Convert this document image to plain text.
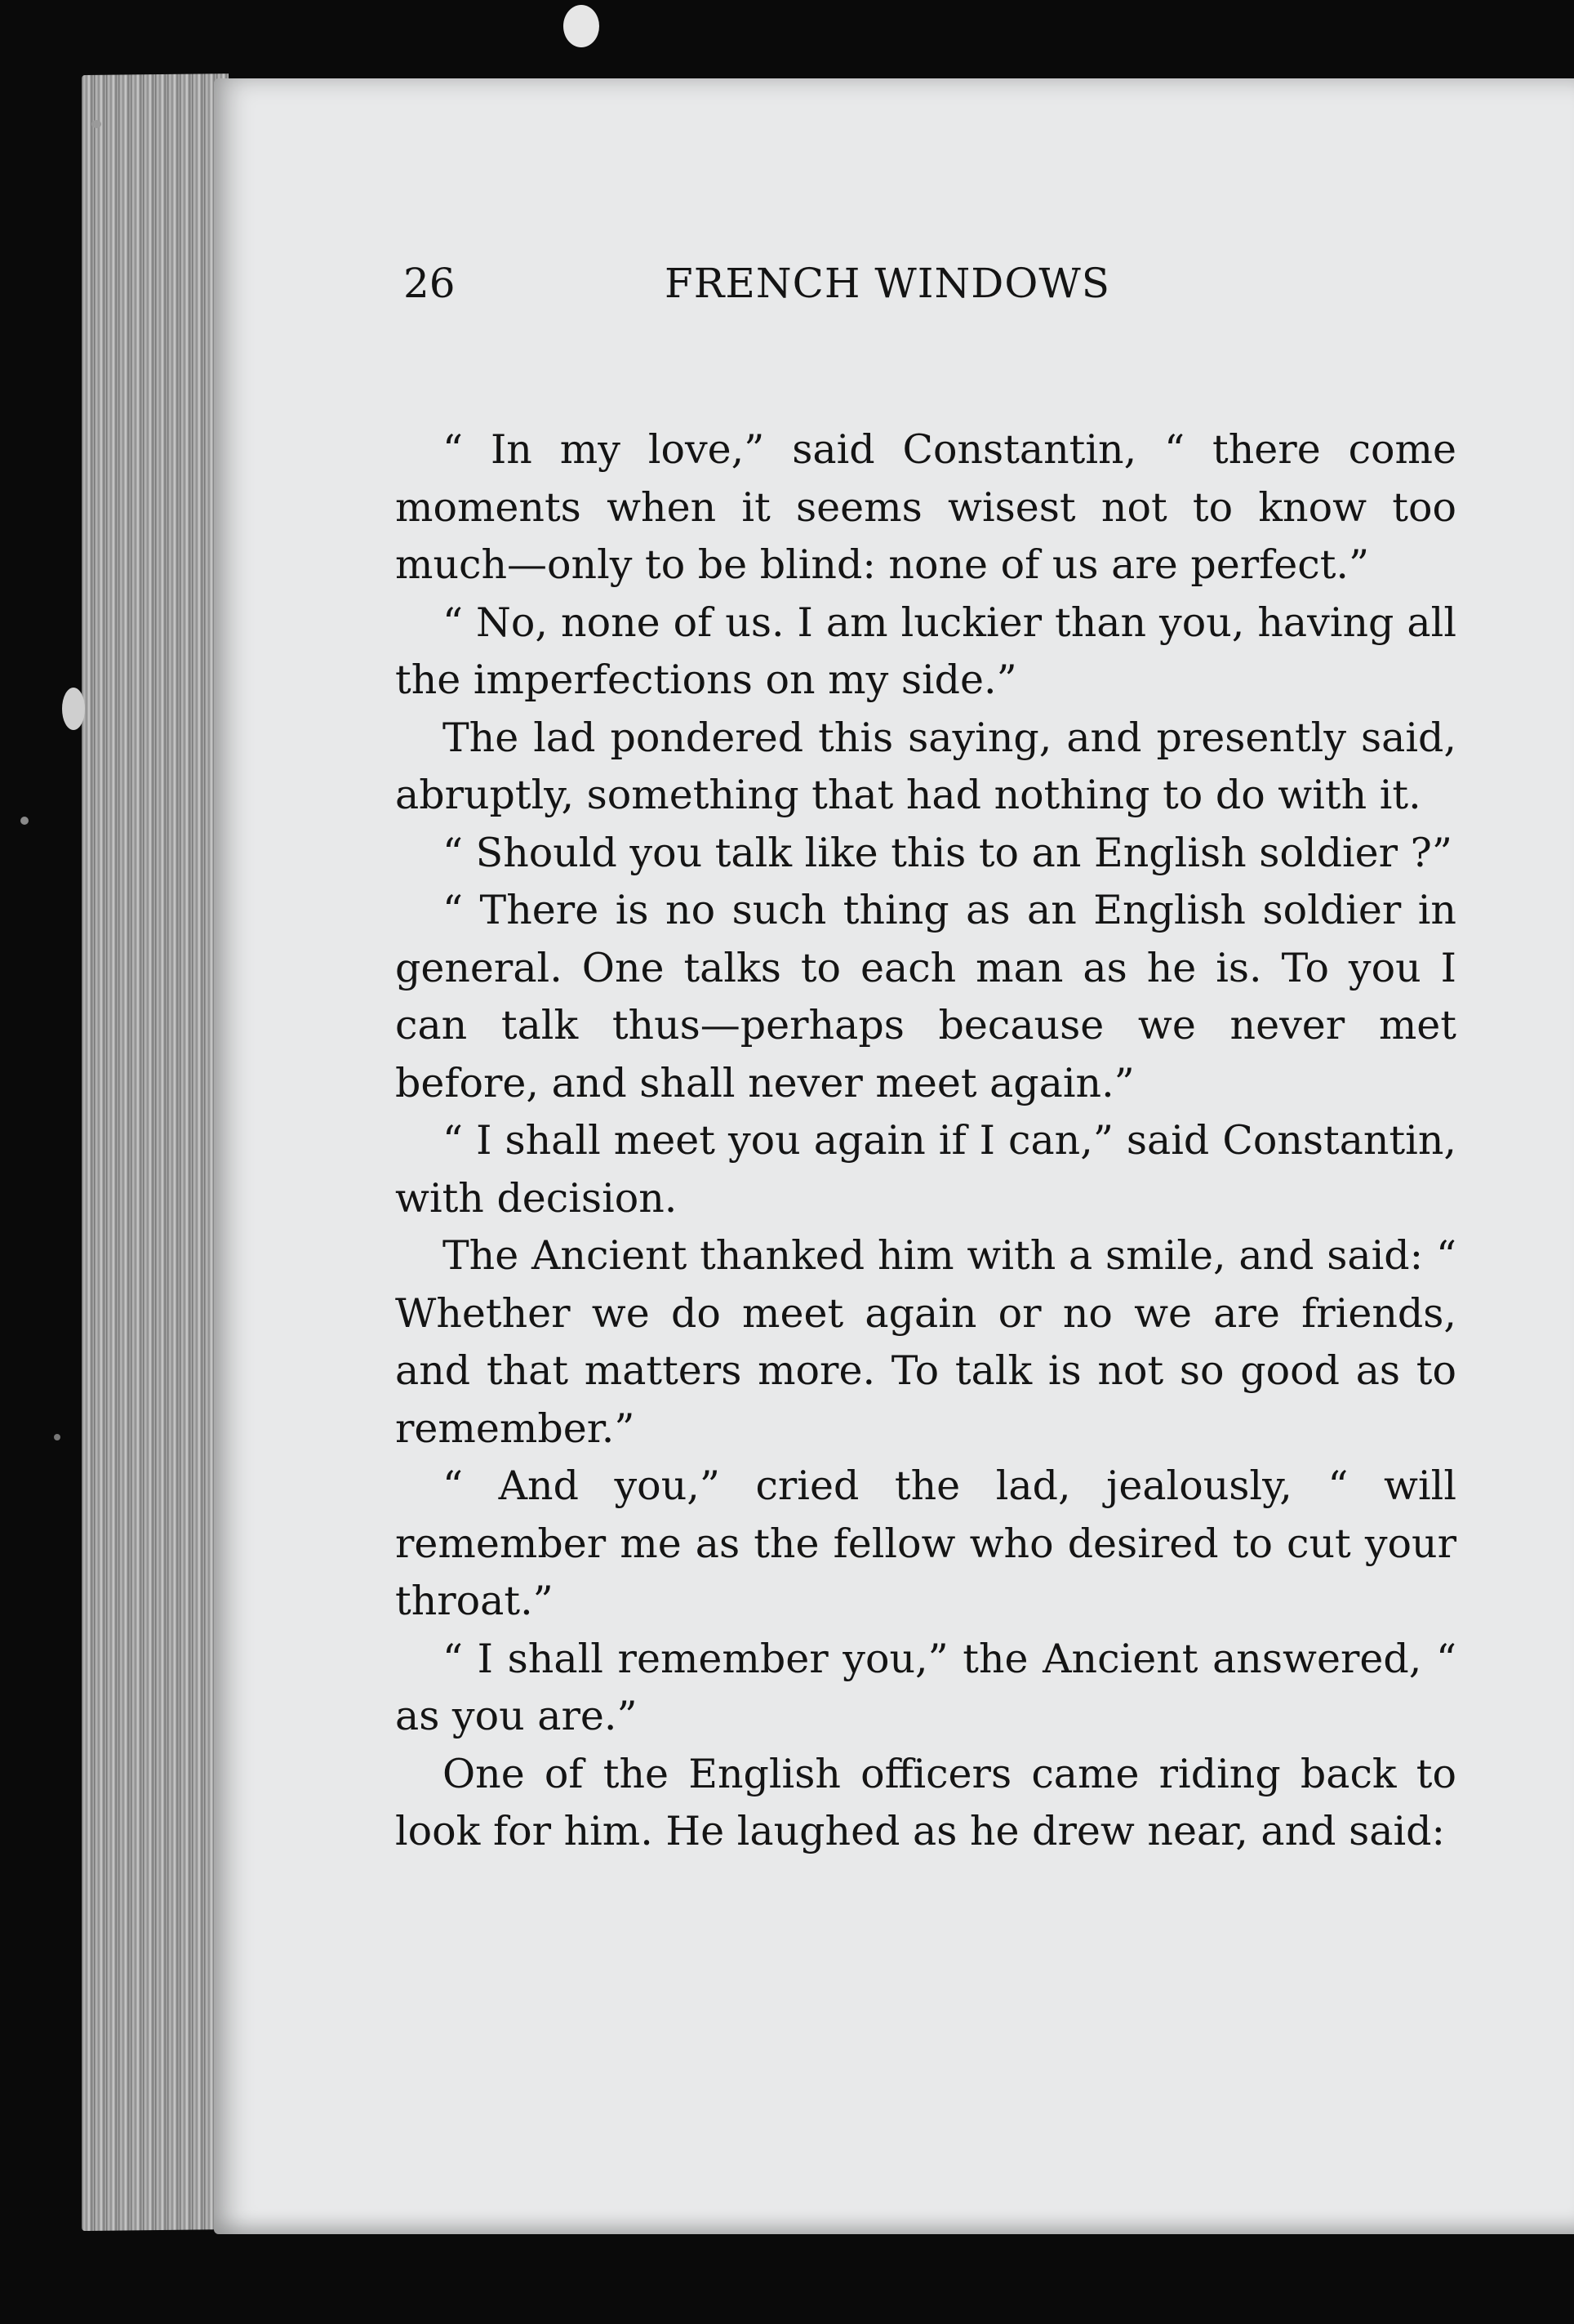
26	FRENCH WINDOWS

“ In my love,” said Constantin, “ there come moments when it seems wisest not to know too much—only to be blind: none of us are perfect.”

“ No, none of us. I am luckier than you, having all the imperfections on my side.”

The lad pondered this saying, and presently said, abruptly, something that had nothing to do with it.

“ Should you talk like this to an English soldier ?”

“ There is no such thing as an English soldier in general. One talks to each man as he is. To you I can talk thus—perhaps because we never met before, and shall never meet again.”

“ I shall meet you again if I can,” said Constantin, with decision.

The Ancient thanked him with a smile, and said: “ Whether we do meet again or no we are friends, and that matters more. To talk is not so good as to remember.”

“ And you,” cried the lad, jealously, “ will remember me as the fellow who desired to cut your throat.”

“ I shall remember you,” the Ancient answered, “ as you are.”

One of the English officers came riding back to look for him. He laughed as he drew near, and said:
